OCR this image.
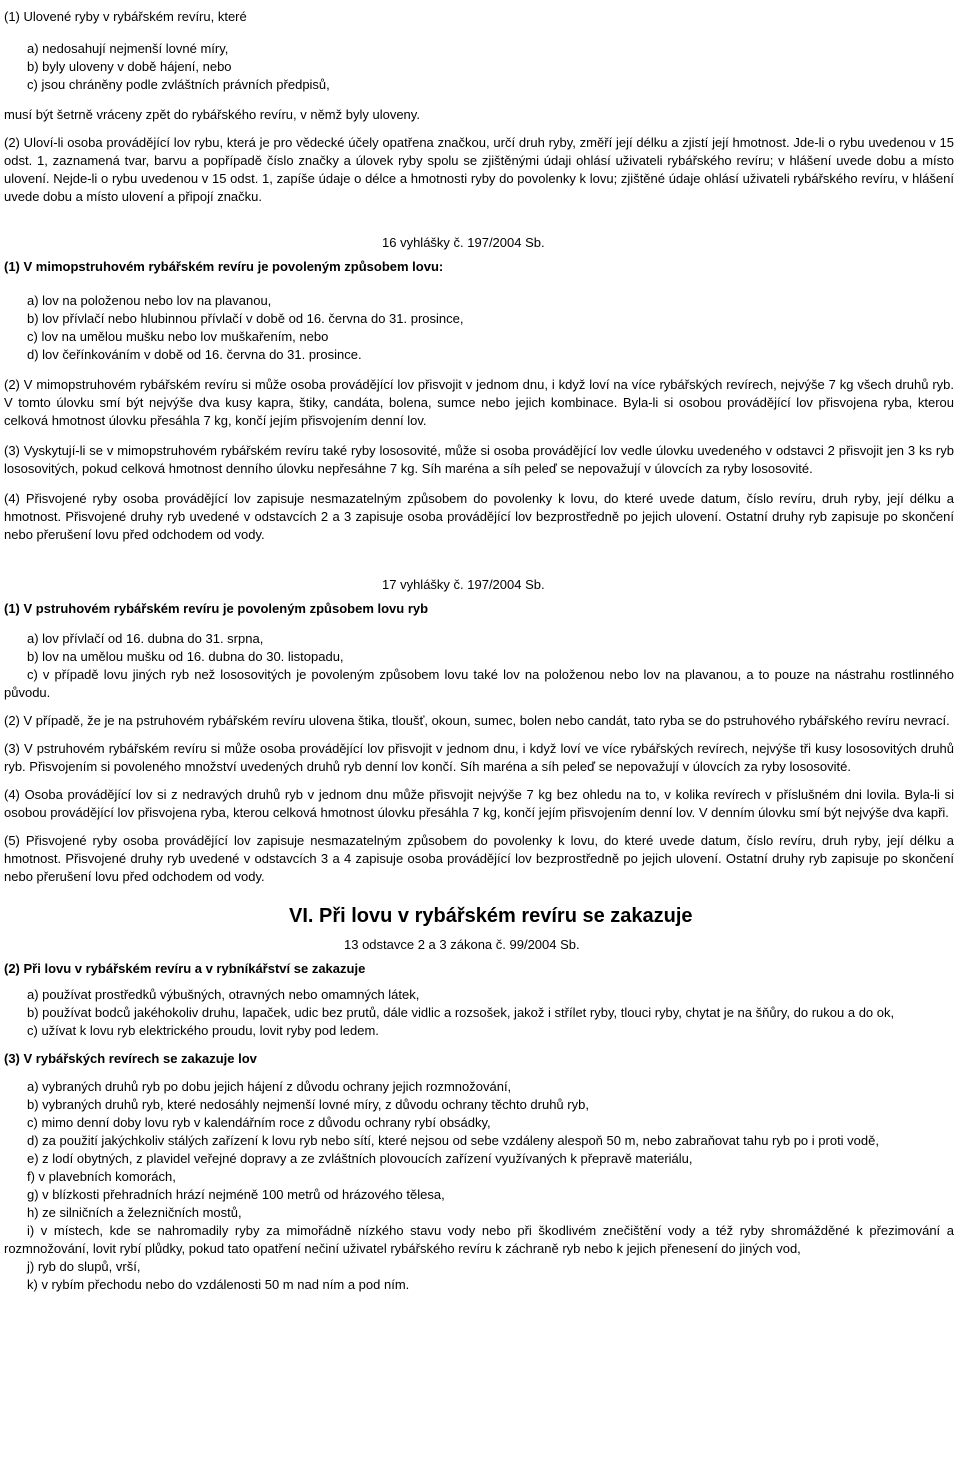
(1) Ulovené ryby v rybářském revíru, které
a) nedosahují nejmenší lovné míry,
b) byly uloveny v době hájení, nebo
c) jsou chráněny podle zvláštních právních předpisů,
musí být šetrně vráceny zpět do rybářského revíru, v němž byly uloveny.

(2) Uloví-li osoba provádějící lov rybu, která je pro vědecké účely opatřena značkou, určí druh ryby, změří její délku a zjistí její hmotnost. Jde-li o rybu uvedenou v 15 odst. 1, zaznamená tvar, barvu a popřípadě číslo značky a úlovek ryby spolu se zjištěnými údaji ohlásí uživateli rybářského revíru; v hlášení uvede dobu a místo ulovení. Nejde-li o rybu uvedenou v 15 odst. 1, zapíše údaje o délce a hmotnosti ryby do povolenky k lovu; zjištěné údaje ohlásí uživateli rybářského revíru, v hlášení uvede dobu a místo ulovení a připojí značku.

16 vyhlášky č. 197/2004 Sb.
(1) V mimopstruhovém rybářském revíru je povoleným způsobem lovu:
a) lov na položenou nebo lov na plavanou,
b) lov přívlačí nebo hlubinnou přívlačí v době od 16. června do 31. prosince,
c) lov na umělou mušku nebo lov muškařením, nebo
d) lov čeřínkováním v době od 16. června do 31. prosince.

(2) V mimopstruhovém rybářském revíru si může osoba provádějící lov přisvojit v jednom dnu, i když loví na více rybářských revírech, nejvýše 7 kg všech druhů ryb. V tomto úlovku smí být nejvýše dva kusy kapra, štiky, candáta, bolena, sumce nebo jejich kombinace. Byla-li si osobou provádějící lov přisvojena ryba, kterou celková hmotnost úlovku přesáhla 7 kg, končí jejím přisvojením denní lov.

(3) Vyskytují-li se v mimopstruhovém rybářském revíru také ryby lososovité, může si osoba provádějící lov vedle úlovku uvedeného v odstavci 2 přisvojit jen 3 ks ryb lososovitých, pokud celková hmotnost denního úlovku nepřesáhne 7 kg. Síh maréna a síh peleď se nepovažují v úlovcích za ryby lososovité.

(4) Přisvojené ryby osoba provádějící lov zapisuje nesmazatelným způsobem do povolenky k lovu, do které uvede datum, číslo revíru, druh ryby, její délku a hmotnost. Přisvojené druhy ryb uvedené v odstavcích 2 a 3 zapisuje osoba provádějící lov bezprostředně po jejich ulovení. Ostatní druhy ryb zapisuje po skončení nebo přerušení lovu před odchodem od vody.

17 vyhlášky č. 197/2004 Sb.
(1) V pstruhovém rybářském revíru je povoleným způsobem lovu ryb
a) lov přívlačí od 16. dubna do 31. srpna,
b) lov na umělou mušku od 16. dubna do 30. listopadu,

c) v případě lovu jiných ryb než lososovitých je povoleným způsobem lovu také lov na položenou nebo lov na plavanou, a to pouze na nástrahu rostlinného původu.

(2) V případě, že je na pstruhovém rybářském revíru ulovena štika, tloušť, okoun, sumec, bolen nebo candát, tato ryba se do pstruhového rybářského revíru nevrací.

(3) V pstruhovém rybářském revíru si může osoba provádějící lov přisvojit v jednom dnu, i když loví ve více rybářských revírech, nejvýše tři kusy lososovitých druhů ryb. Přisvojením si povoleného množství uvedených druhů ryb denní lov končí. Síh maréna a síh peleď se nepovažují v úlovcích za ryby lososovité.

(4) Osoba provádějící lov si z nedravých druhů ryb v jednom dnu může přisvojit nejvýše 7 kg bez ohledu na to, v kolika revírech v příslušném dni lovila. Byla-li si osobou provádějící lov přisvojena ryba, kterou celková hmotnost úlovku přesáhla 7 kg, končí jejím přisvojením denní lov. V denním úlovku smí být nejvýše dva kapři.

(5) Přisvojené ryby osoba provádějící lov zapisuje nesmazatelným způsobem do povolenky k lovu, do které uvede datum, číslo revíru, druh ryby, její délku a hmotnost. Přisvojené druhy ryb uvedené v odstavcích 3 a 4 zapisuje osoba provádějící lov bezprostředně po jejich ulovení. Ostatní druhy ryb zapisuje po skončení nebo přerušení lovu před odchodem od vody.

VI. Při lovu v rybářském revíru se zakazuje
13 odstavce 2 a 3 zákona č. 99/2004 Sb.
(2) Při lovu v rybářském revíru a v rybníkářství se zakazuje

a) používat prostředků výbušných, otravných nebo omamných látek,

b) používat bodců jakéhokoliv druhu, lapaček, udic bez prutů, dále vidlic a rozsošek, jakož i střílet ryby, tlouci ryby, chytat je na šňůry, do rukou a do ok,

c) užívat k lovu ryb elektrického proudu, lovit ryby pod ledem.

(3) V rybářských revírech se zakazuje lov

a) vybraných druhů ryb po dobu jejich hájení z důvodu ochrany jejich rozmnožování,

b) vybraných druhů ryb, které nedosáhly nejmenší lovné míry, z důvodu ochrany těchto druhů ryb,

c) mimo denní doby lovu ryb v kalendářním roce z důvodu ochrany rybí obsádky,

d) za použití jakýchkoliv stálých zařízení k lovu ryb nebo sítí, které nejsou od sebe vzdáleny alespoň 50 m, nebo zabraňovat tahu ryb po i proti vodě,

e) z lodí obytných, z plavidel veřejné dopravy a ze zvláštních plovoucích zařízení využívaných k přepravě materiálu,

f) v plavebních komorách,

g) v blízkosti přehradních hrází nejméně 100 metrů od hrázového tělesa,

h) ze silničních a železničních mostů,

i) v místech, kde se nahromadily ryby za mimořádně nízkého stavu vody nebo při škodlivém znečištění vody a též ryby shromážděné k přezimování a rozmnožování, lovit rybí plůdky, pokud tato opatření nečiní uživatel rybářského revíru k záchraně ryb nebo k jejich přenesení do jiných vod,

j) ryb do slupů, vrší,

k) v rybím přechodu nebo do vzdálenosti 50 m nad ním a pod ním.
